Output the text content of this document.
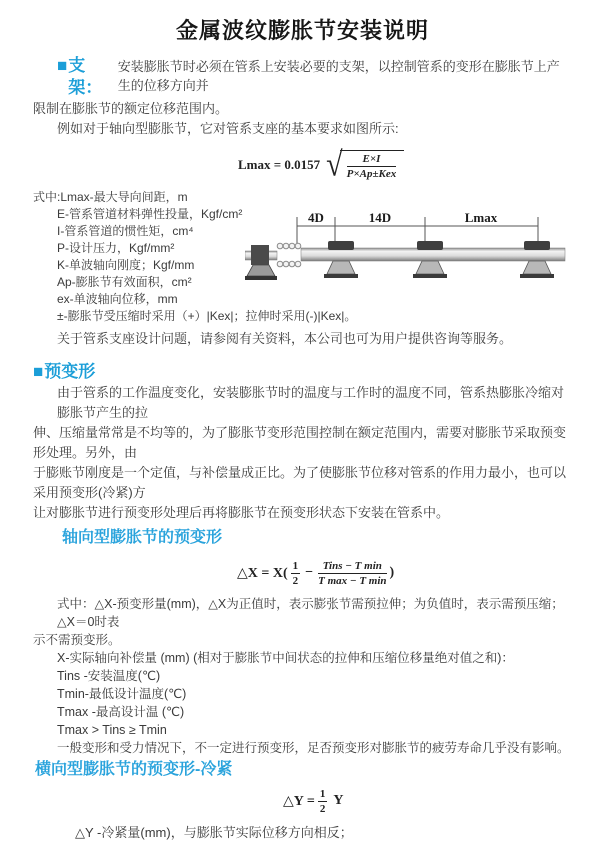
金属波纹膨胀节安装说明
■ 支架：
安装膨胀节时必须在管系上安装必要的支架，以控制管系的变形在膨胀节上产生的位移方向并
限制在膨胀节的额定位移范围内。
例如对于轴向型膨胀节，它对管系支座的基本要求如图所示:
Lmax = 0.0157 √ $\frac{E\times I}{\text{P×Ap±Kex}}$
式中:Lmax-最大导向间距，m
E-管系管道材料弹性投量，Kgf/cm²
I-管系管道的惯性矩，cm⁴
P-设计压力，Kgf/mm²
K-单波轴向刚度；Kgf/mm
Ap-膨胀节有效面积，cm²
ex-单波轴向位移，mm
±-膨胀节受压缩时采用（+）|Kex|；拉伸时采用(-)|Kex|。
关于管系支座设计问题，请参阅有关资料，本公司也可为用户提供咨询等服务。
4D	14D	Lmax
■ 预变形
由于管系的工作温度变化，安装膨胀节时的温度与工作时的温度不同，管系热膨胀冷缩对膨胀节产生的拉
伸、压缩量常常是不均等的，为了膨胀节变形范围控制在额定范围内，需要对膨胀节采取预变形处理。另外，由
于膨账节刚度是一个定值，与补偿量成正比。为了使膨胀节位移对管系的作用力最小，也可以采用预变形(冷紧)方
让对膨胀节进行预变形处理后再将膨胀节在预变形状态下安装在管系中。
轴向型膨胀节的预变形
△X = $X( \frac{1}{2} - \frac{\text{Tins − T min}}{\text{T max − T min}}$ )
式中：△X-预变形量(mm)，△X为正值时，表示膨张节需预拉伸；为负值时，表示需预压缩；△X＝0时表
示不需预变形。
X-实际轴向补偿量 (mm) (相对于膨胀节中间状态的拉伸和压缩位移量绝对值之和)：
Tins -安装温度(℃)
Tmin-最低设计温度(℃)
Tmax -最高设计温 (℃)
Tmax > Tins ≥ Tmin
一般变形和受力情况下，不一定进行预变形，足否预变形对膨胀节的疲劳寿命几乎没有影响。
横向型膨胀节的预变形-冷紧
△Y = $\frac{1}{2}$ Y
△Y -冷紧量(mm)，与膨胀节实际位移方向相反；
